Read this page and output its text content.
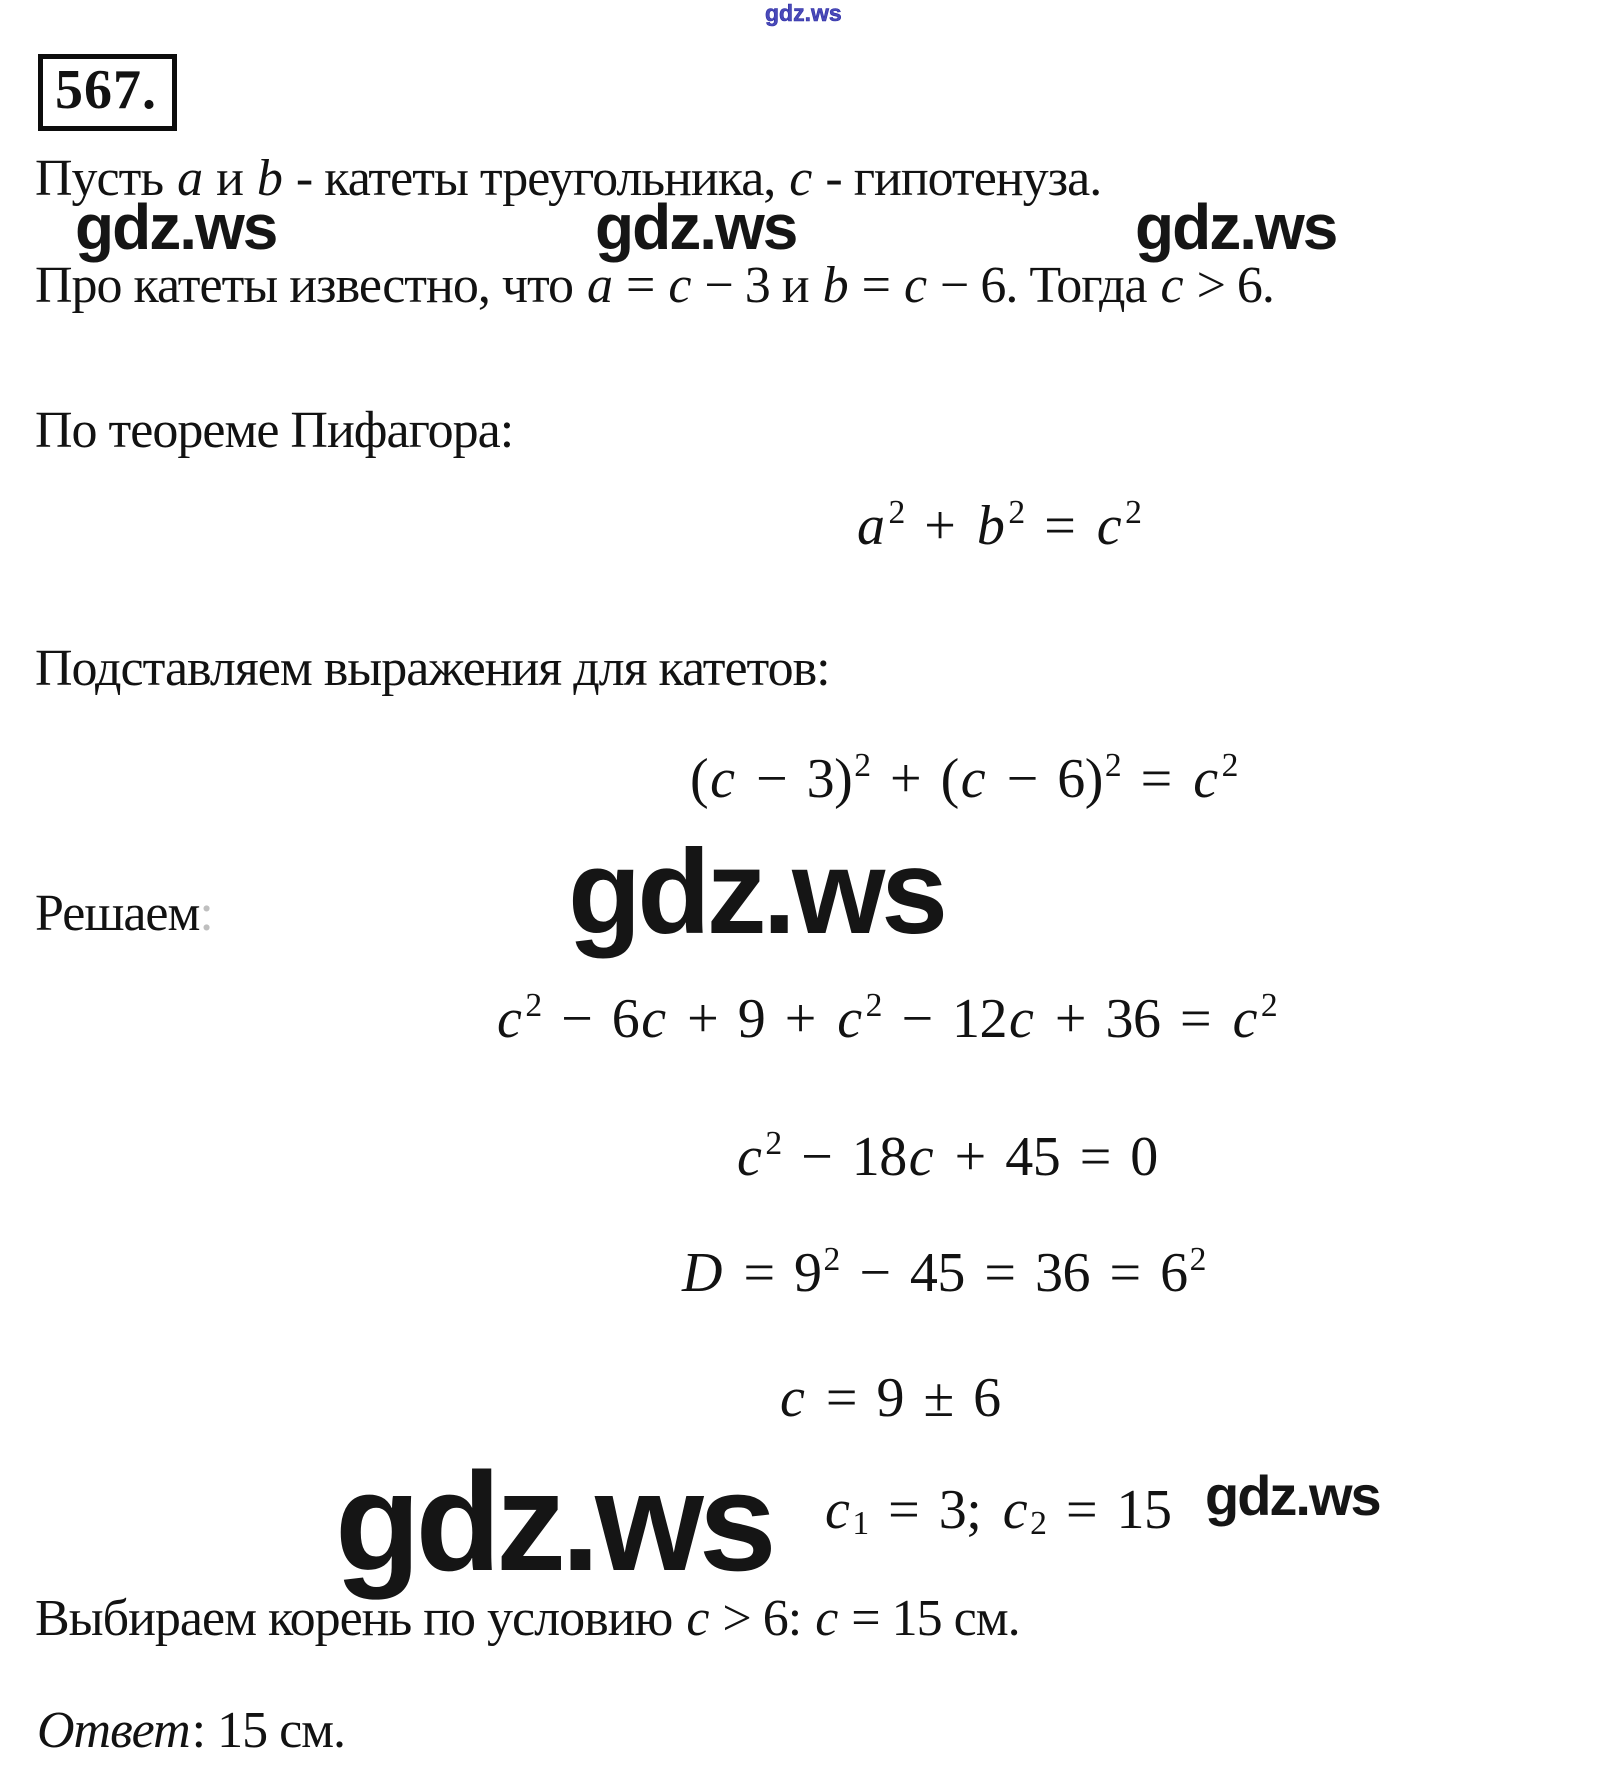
gdz.ws
gdz.ws	gdz.ws	gdz.ws
gdz.ws
gdz.ws	gdz.ws
567.
Пусть a и b - катеты треугольника, c - гипотенуза.
Про катеты известно, что a = c − 3 и b = c − 6. Тогда c > 6.
По теореме Пифагора:
Подставляем выражения для катетов:
Решаем:
Выбираем корень по условию c > 6: c = 15 см.
Ответ: 15 см.
a $^2$ + b $^2$ = c $^2$
$(c - 3)^2 + (c - 6)^2 = c$ $^2$
c $^2$ − 6c + 9 + c $^2$ − 12c + 36 = c $^2$
c $^2$ − 18c + 45 = 0
$D = 9^2 - 45 = 36 = 6^2$
c = 9 ± 6
c1 = 3; c2 = 15
